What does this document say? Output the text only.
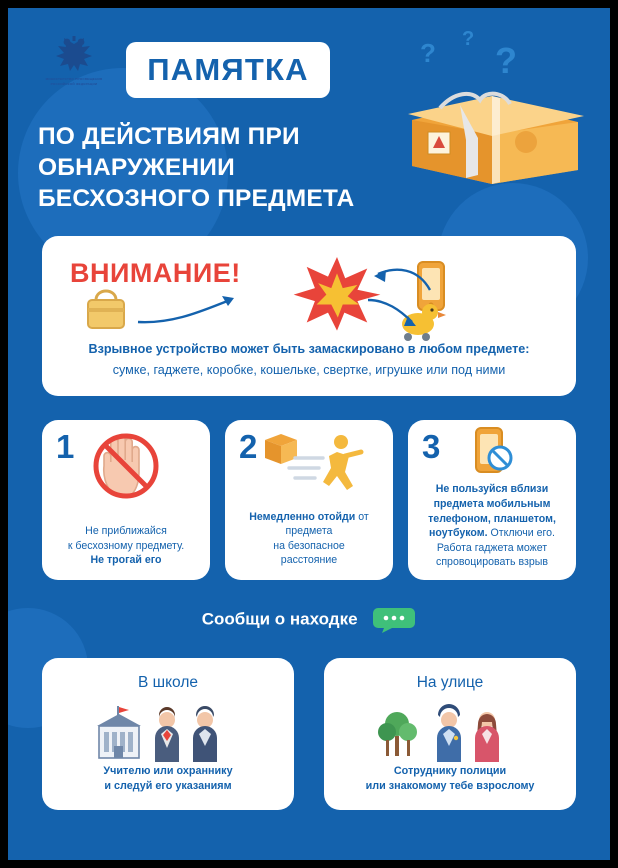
МИНИСТЕРСТВО ПРОСВЕЩЕНИЯ РОССИЙСКОЙ ФЕДЕРАЦИИ ПАМЯТКА
ПО ДЕЙСТВИЯМ ПРИ ОБНАРУЖЕНИИ
БЕСХОЗНОГО ПРЕДМЕТА
? ?
?
ВНИМАНИЕ!
Взрывное устройство может быть замаскировано в любом предмете:
сумке, гаджете, коробке, кошельке, свертке, игрушке или под ними
1
Не приближайся
к бесхозному предмету.
Не трогай его
2
Немедленно отойди от предмета
на безопасное
расстояние
3
Не пользуйся вблизи предмета мобильным телефоном, планшетом, ноутбуком. Отключи его.
Работа гаджета может
спровоцировать взрыв
Сообщи о находке
В школе
Учителю или охраннику
и следуй его указаниям
На улице
Сотруднику полиции
или знакомому тебе взрослому
